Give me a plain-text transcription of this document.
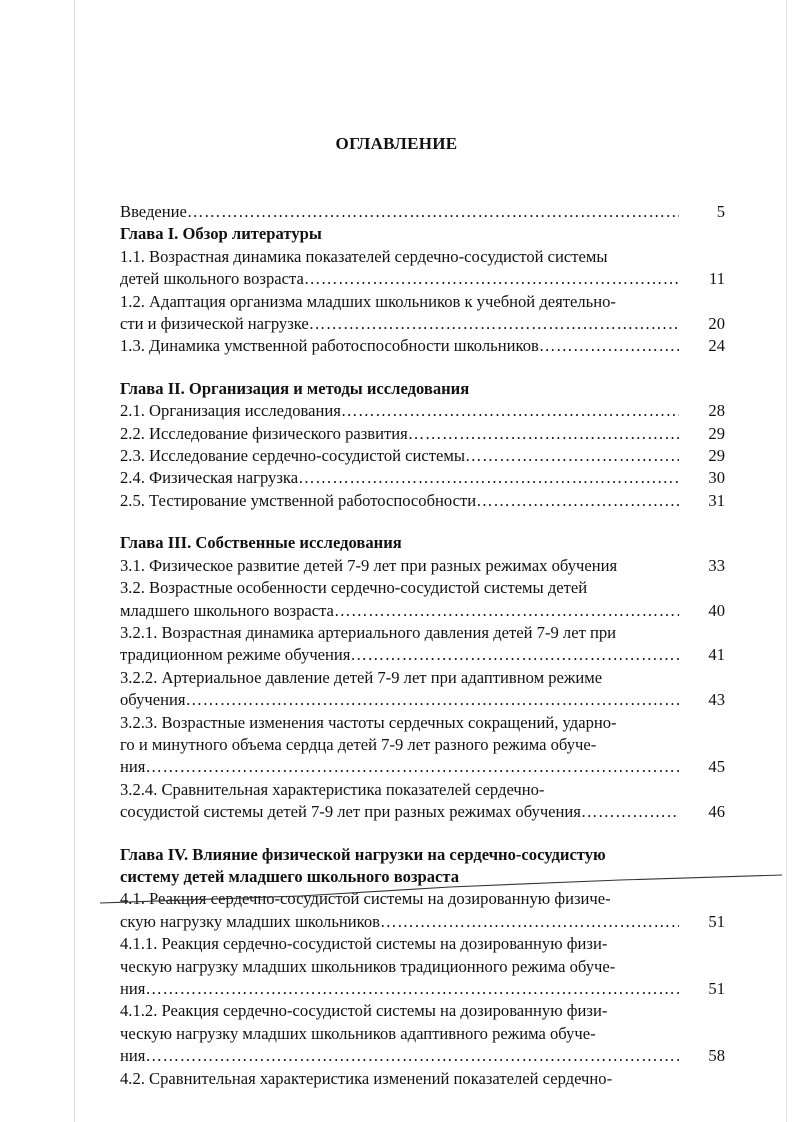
ОГЛАВЛЕНИЕ
Введение ……………………………………………………………………………………………………………	5
Глава I. Обзор литературы
1.1. Возрастная динамика показателей сердечно-сосудистой системы
детей школьного возраста ……………………………………………………………………………………………………………	11
1.2. Адаптация организма младших школьников к учебной деятельно-
сти и физической нагрузке ……………………………………………………………………………………………………………	20
1.3. Динамика умственной работоспособности школьников ……………………………………………………………………………………………………………	24
Глава II. Организация и методы исследования
2.1. Организация исследования ……………………………………………………………………………………………………………	28
2.2. Исследование физического развития ……………………………………………………………………………………………………………	29
2.3. Исследование сердечно-сосудистой системы ……………………………………………………………………………………………………………	29
2.4. Физическая нагрузка ……………………………………………………………………………………………………………	30
2.5. Тестирование умственной работоспособности ……………………………………………………………………………………………………………	31
Глава III. Собственные исследования
3.1. Физическое развитие детей 7-9 лет при разных режимах обучения	33
3.2. Возрастные особенности сердечно-сосудистой системы детей
младшего школьного возраста ……………………………………………………………………………………………………………	40
3.2.1. Возрастная динамика артериального давления детей 7-9 лет при
традиционном режиме обучения ……………………………………………………………………………………………………………	41
3.2.2. Артериальное давление детей 7-9 лет при адаптивном режиме
обучения ……………………………………………………………………………………………………………	43
3.2.3. Возрастные изменения частоты сердечных сокращений, ударно-
го и минутного объема сердца детей 7-9 лет разного режима обуче-
ния ……………………………………………………………………………………………………………	45
3.2.4. Сравнительная характеристика показателей сердечно-
сосудистой системы детей 7-9 лет при разных режимах обучения ……………………………………………………………………………………………………………	46
Глава IV. Влияние физической нагрузки на сердечно-сосудистую
систему детей младшего школьного возраста
4.1. Реакция сердечно-сосудистой системы на дозированную физиче-
скую нагрузку младших школьников ……………………………………………………………………………………………………………	51
4.1.1. Реакция сердечно-сосудистой системы на дозированную физи-
ческую нагрузку младших школьников традиционного режима обуче-
ния ……………………………………………………………………………………………………………	51
4.1.2. Реакция сердечно-сосудистой системы на дозированную физи-
ческую нагрузку младших школьников адаптивного режима обуче-
ния ……………………………………………………………………………………………………………	58
4.2. Сравнительная характеристика изменений показателей сердечно-
